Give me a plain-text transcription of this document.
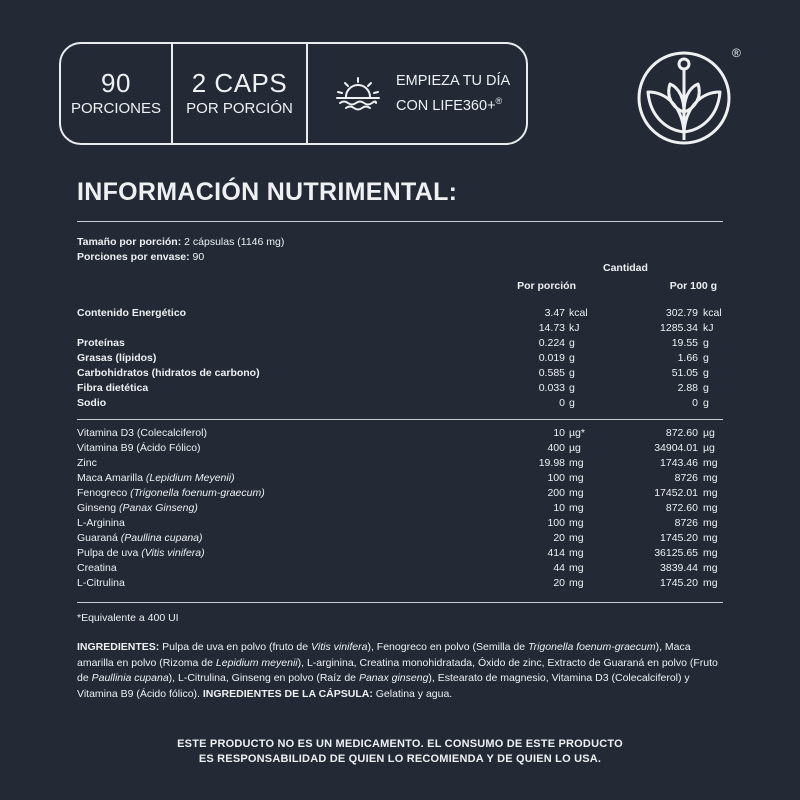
90
PORCIONES
2 CAPS
POR PORCIÓN
EMPIEZA TU DÍA
CON LIFE360+®
®
INFORMACIÓN NUTRIMENTAL:
Tamaño por porción: 2 cápsulas (1146 mg)
Porciones por envase: 90
Cantidad
Por porción	Por 100 g
Contenido Energético	3.47 kcal	302.79 kcal
14.73 kJ	1285.34 kJ
Proteínas	0.224 g	19.55 g
Grasas (lípidos)	0.019 g	1.66 g
Carbohidratos (hidratos de carbono)	0.585 g	51.05 g
Fibra dietética	0.033 g	2.88 g
Sodio	0 g	0 g
Vitamina D3 (Colecalciferol)	10 µg*	872.60 µg
Vitamina B9 (Ácido Fólico)	400 µg	34904.01 µg
Zinc	19.98 mg	1743.46 mg
Maca Amarilla (Lepidium Meyenii)	100 mg	8726 mg
Fenogreco (Trigonella foenum-graecum)	200 mg	17452.01 mg
Ginseng (Panax Ginseng)	10 mg	872.60 mg
L-Arginina	100 mg	8726 mg
Guaraná (Paullina cupana)	20 mg	1745.20 mg
Pulpa de uva (Vitis vinifera)	414 mg	36125.65 mg
Creatina	44 mg	3839.44 mg
L-Citrulina	20 mg	1745.20 mg
*Equivalente a 400 UI
INGREDIENTES: Pulpa de uva en polvo (fruto de Vitis vinifera), Fenogreco en polvo (Semilla de Trigonella foenum-graecum), Maca amarilla en polvo (Rizoma de Lepidium meyenii), L-arginina, Creatina monohidratada, Óxido de zinc, Extracto de Guaraná en polvo (Fruto de Paullinia cupana), L-Citrulina, Ginseng en polvo (Raíz de Panax ginseng), Estearato de magnesio, Vitamina D3 (Colecalciferol) y Vitamina B9 (Ácido fólico). INGREDIENTES DE LA CÁPSULA: Gelatina y agua.
ESTE PRODUCTO NO ES UN MEDICAMENTO. EL CONSUMO DE ESTE PRODUCTO
ES RESPONSABILIDAD DE QUIEN LO RECOMIENDA Y DE QUIEN LO USA.
